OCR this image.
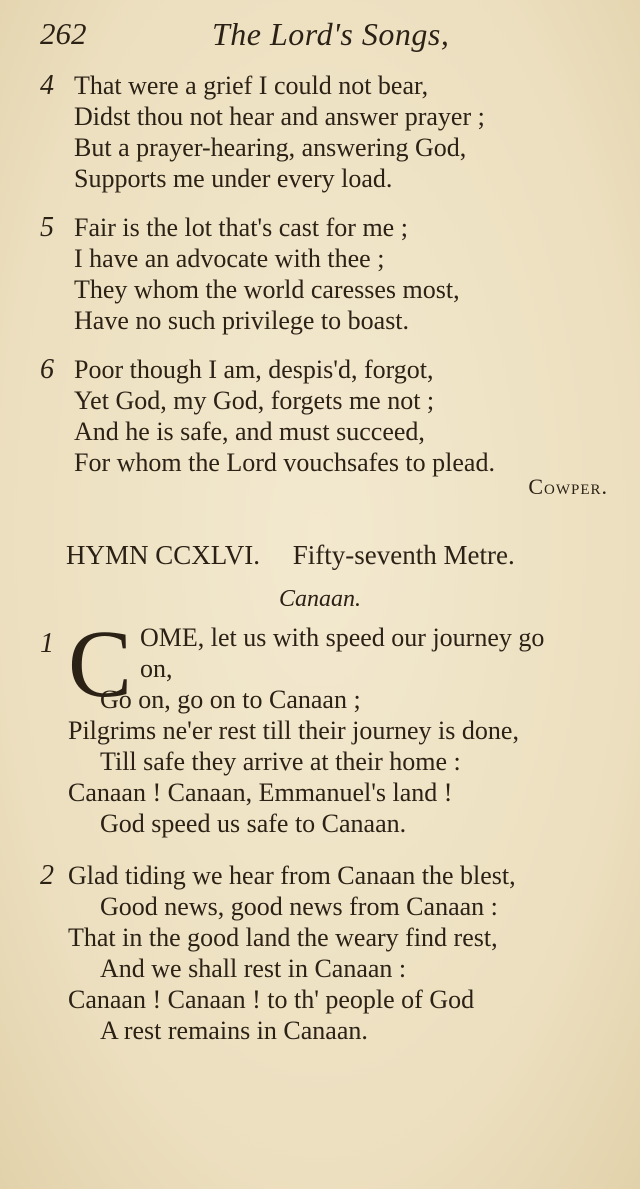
262	The Lord's Songs,
4 That were a grief I could not bear,
Didst thou not hear and answer prayer ;
But a prayer-hearing, answering God,
Supports me under every load.
5 Fair is the lot that's cast for me ;
I have an advocate with thee ;
They whom the world caresses most,
Have no such privilege to boast.
6 Poor though I am, despis'd, forgot,
Yet God, my God, forgets me not ;
And he is safe, and must succeed,
For whom the Lord vouchsafes to plead.
Cowper.
HYMN CCXLVI. Fifty-seventh Metre.
Canaan.
1	OME, let us with speed our journey go
on,
Go on, go on to Canaan ;
Pilgrims ne'er rest till their journey is done,
Till safe they arrive at their home :
Canaan ! Canaan, Emmanuel's land !
God speed us safe to Canaan.
C
2 Glad tiding we hear from Canaan the blest,
Good news, good news from Canaan :
That in the good land the weary find rest,
And we shall rest in Canaan :
Canaan ! Canaan ! to th' people of God
A rest remains in Canaan.
